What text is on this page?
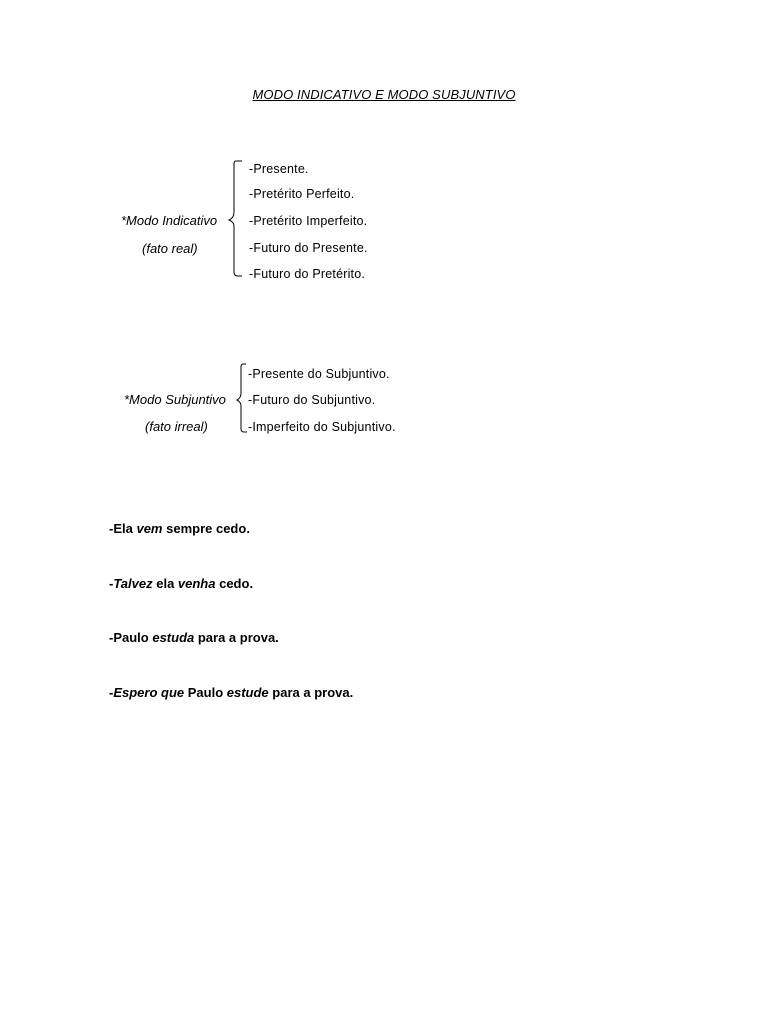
MODO INDICATIVO E MODO SUBJUNTIVO
*Modo Indicativo
(fato real)
-Presente.
-Pretérito Perfeito.
-Pretérito Imperfeito.
-Futuro do Presente.
-Futuro do Pretérito.
*Modo Subjuntivo
(fato irreal)
-Presente do Subjuntivo.
-Futuro do Subjuntivo.
-Imperfeito do Subjuntivo.
-Ela vem sempre cedo.
-Talvez ela venha cedo.
-Paulo estuda para a prova.
-Espero que Paulo estude para a prova.
